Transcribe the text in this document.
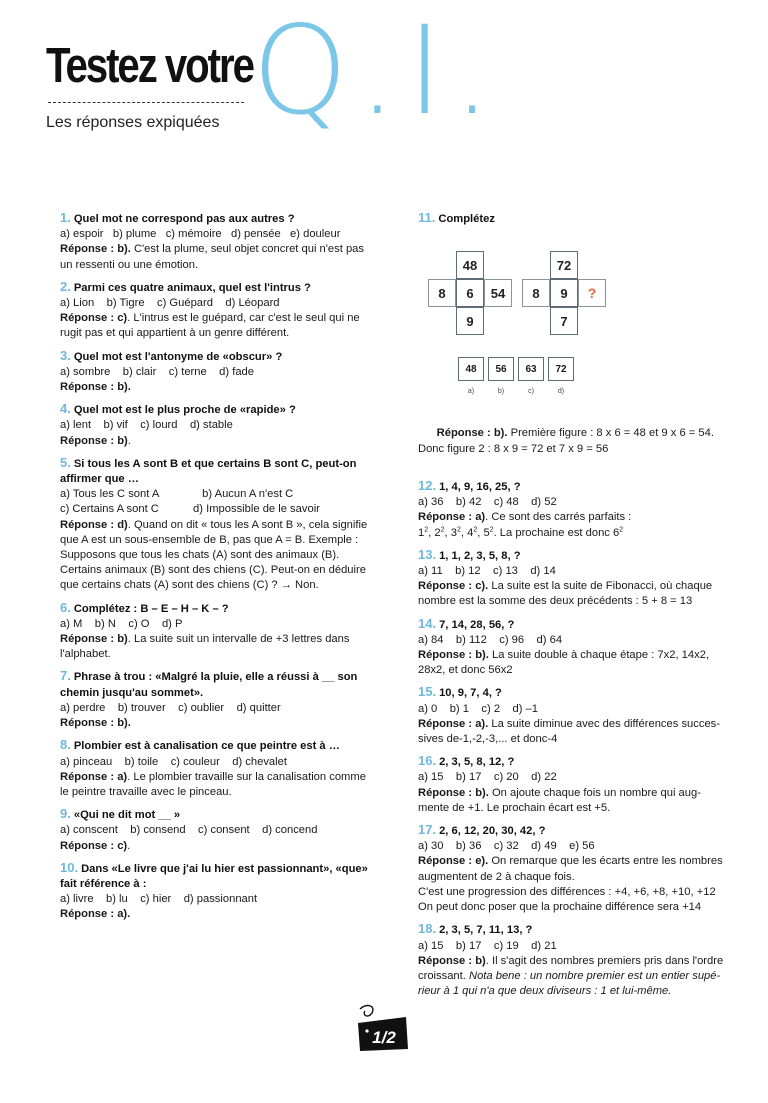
Testez votre
Les réponses expiquées Q.I.
1. Quel mot ne correspond pas aux autres ?
a) espoir   b) plume   c) mémoire   d) pensée   e) douleur
Réponse : b). C'est la plume, seul objet concret qui n'est pas un ressenti ou une émotion.
2. Parmi ces quatre animaux, quel est l'intrus ?
a) Lion    b) Tigre    c) Guépard    d) Léopard
Réponse : c). L'intrus est le guépard, car c'est le seul qui ne rugit pas et qui appartient à un genre différent.
3. Quel mot est l'antonyme de «obscur» ?
a) sombre    b) clair    c) terne    d) fade
Réponse : b).
4. Quel mot est le plus proche de «rapide» ?
a) lent    b) vif    c) lourd    d) stable
Réponse : b).
5. Si tous les A sont B et que certains B sont C, peut-on affirmer que …
a) Tous les C sont A              b) Aucun A n'est C
c) Certains A sont C           d) Impossible de le savoir
Réponse : d). Quand on dit « tous les A sont B », cela signifie que A est un sous-ensemble de B, pas que A = B. Exemple : Supposons que tous les chats (A) sont des animaux (B). Certains animaux (B) sont des chiens (C). Peut-on en déduire que certains chats (A) sont des chiens (C) ? → Non.
6. Complétez : B – E – H – K – ?
a) M    b) N    c) O    d) P
Réponse : b). La suite suit un intervalle de +3 lettres dans l'alphabet.
7. Phrase à trou : «Malgré la pluie, elle a réussi à __ son chemin jusqu'au sommet».
a) perdre    b) trouver    c) oublier    d) quitter
Réponse : b).
8. Plombier est à canalisation ce que peintre est à …
a) pinceau    b) toile    c) couleur    d) chevalet
Réponse : a). Le plombier travaille sur la canalisation comme le peintre travaille avec le pinceau.
9. «Qui ne dit mot __ »
a) conscent    b) consend    c) consent    d) concend
Réponse : c).
10. Dans «Le livre que j'ai lu hier est passionnant», «que» fait référence à :
a) livre    b) lu    c) hier    d) passionnant
Réponse : a).
11. Complétez
48
8	6	54
9
72
8	9	?
7
48
a)
56
b)
63
c)
72
d)

Réponse : b). Première figure : 8 x 6 = 48 et 9 x 6 = 54. Donc figure 2 : 8 x 9 = 72 et 7 x 9 = 56

12. 1, 4, 9, 16, 25, ?
a) 36    b) 42    c) 48    d) 52
Réponse : a). Ce sont des carrés parfaits :
$1^2$, $2^2$, $3^2$, $4^2$, $5^2$. La prochaine est donc $6^2$
13. 1, 1, 2, 3, 5, 8, ?
a) 11    b) 12    c) 13    d) 14
Réponse : c). La suite est la suite de Fibonacci, où chaque nombre est la somme des deux précédents : 5 + 8 = 13
14. 7, 14, 28, 56, ?
a) 84    b) 112    c) 96    d) 64
Réponse : b). La suite double à chaque étape : 7x2, 14x2, 28x2, et donc 56x2
15. 10, 9, 7, 4, ?
a) 0    b) 1    c) 2    d) –1
Réponse : a). La suite diminue avec des différences succes-sives de-1,-2,-3,... et donc-4
16. 2, 3, 5, 8, 12, ?
a) 15    b) 17    c) 20    d) 22
Réponse : b). On ajoute chaque fois un nombre qui aug-mente de +1. Le prochain écart est +5.
17. 2, 6, 12, 20, 30, 42, ?
a) 30    b) 36    c) 32    d) 49    e) 56
Réponse : e). On remarque que les écarts entre les nombres augmentent de 2 à chaque fois.
C'est une progression des différences : +4, +6, +8, +10, +12
On peut donc poser que la prochaine différence sera +14
18. 2, 3, 5, 7, 11, 13, ?
a) 15    b) 17    c) 19    d) 21
Réponse : b). Il s'agit des nombres premiers pris dans l'ordre croissant. Nota bene : un nombre premier est un entier supé-rieur à 1 qui n'a que deux diviseurs : 1 et lui-même.
1/2
